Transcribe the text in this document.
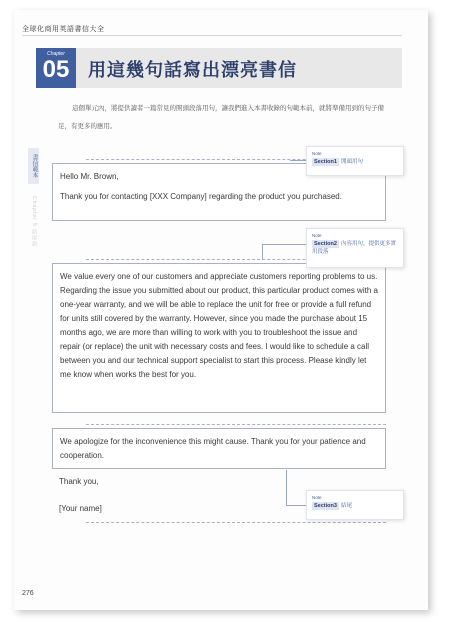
全球化商用英語書信大全
Chapter
05	用這幾句話寫出漂亮書信
這個單元內，將提供讀者一篇常見的開頭段落用句，讓我們進入本書收錄的句範本前，就將準備用到的句子備足，有更多的應用。
書信範本
Chapter 5 結尾語

Hello Mr. Brown,

Thank you for contacting [XXX Company] regarding the product you purchased.

We value every one of our customers and appreciate customers reporting problems to us. Regarding the issue you submitted about our product, this particular product comes with a one-year warranty, and we will be able to replace the unit for free or provide a full refund for units still covered by the warranty. However, since you made the purchase about 15 months ago, we are more than willing to work with you to troubleshoot the issue and repair (or replace) the unit with necessary costs and fees. I would like to schedule a call between you and our technical support specialist to start this process. Please kindly let me know when works the best for you.

We apologize for the inconvenience this might cause. Thank you for your patience and cooperation.

Thank you,
[Your name]
Note
Section1 開頭用句
Note
Section2 內容用句，提供更多實用段落
Note
Section3 結尾
276
